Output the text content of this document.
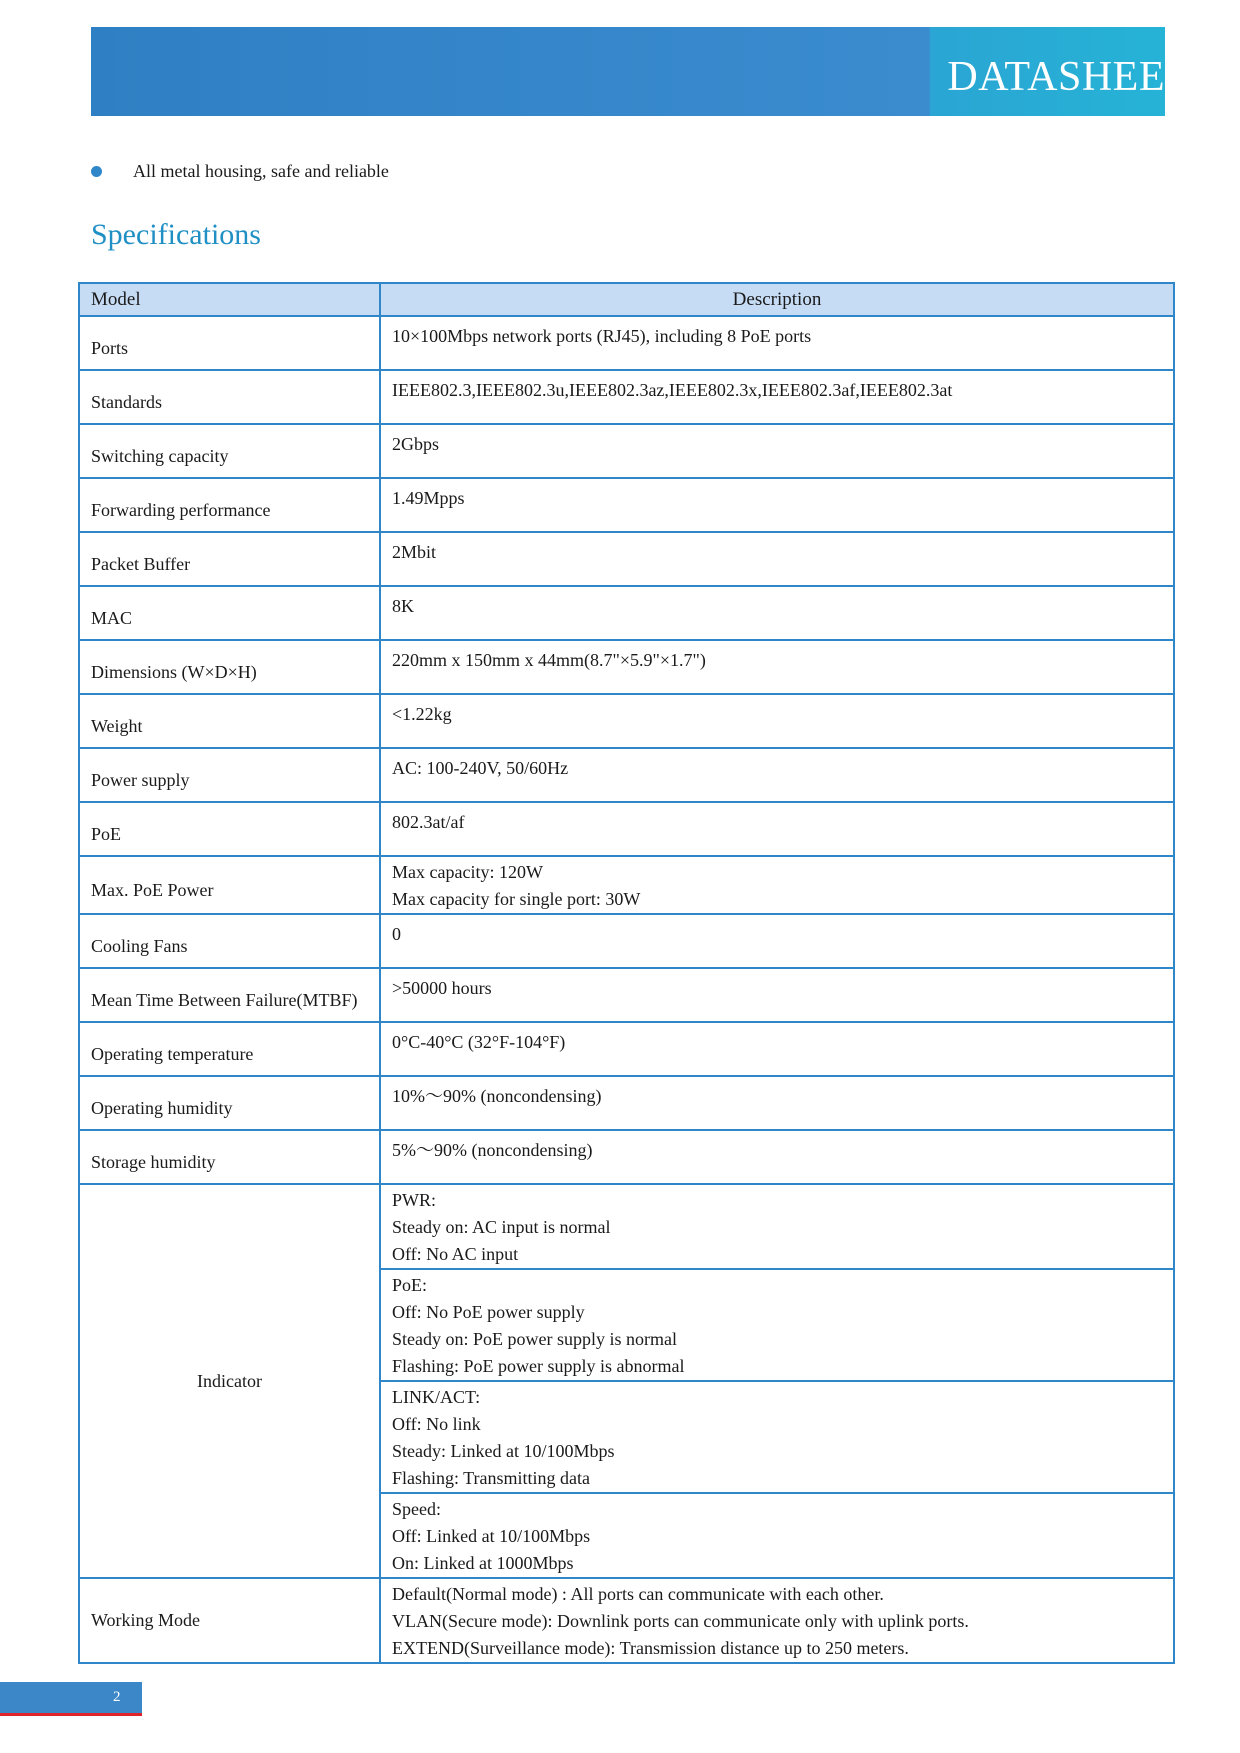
DATASHEE
All metal housing, safe and reliable
Specifications
Model	Description
Ports	10×100Mbps network ports (RJ45), including 8 PoE ports

Standards	IEEE802.3,IEEE802.3u,IEEE802.3az,IEEE802.3x,IEEE802.3af,IEEE802.3at

Switching capacity	2Gbps

Forwarding performance	1.49Mpps

Packet Buffer	2Mbit

MAC	8K

Dimensions (W×D×H)	220mm x 150mm x 44mm(8.7"×5.9"×1.7")

Weight	<1.22kg

Power supply	AC: 100-240V, 50/60Hz

PoE	802.3at/af

Max. PoE Power	Max capacity: 120W
Max capacity for single port: 30W

Cooling Fans	0

Mean Time Between Failure(MTBF)	>50000 hours

Operating temperature	0°C-40°C (32°F-104°F)

Operating humidity	10%～90% (noncondensing)

Storage humidity	5%～90% (noncondensing)

Indicator	PWR:
Steady on: AC input is normal
Off: No AC input

	PoE:
Off: No PoE power supply
Steady on: PoE power supply is normal
Flashing: PoE power supply is abnormal

	LINK/ACT:
Off: No link
Steady: Linked at 10/100Mbps
Flashing: Transmitting data

	Speed:
Off: Linked at 10/100Mbps
On: Linked at 1000Mbps

Working Mode	Default(Normal mode) : All ports can communicate with each other.
VLAN(Secure mode): Downlink ports can communicate only with uplink ports.
EXTEND(Surveillance mode): Transmission distance up to 250 meters.
2
